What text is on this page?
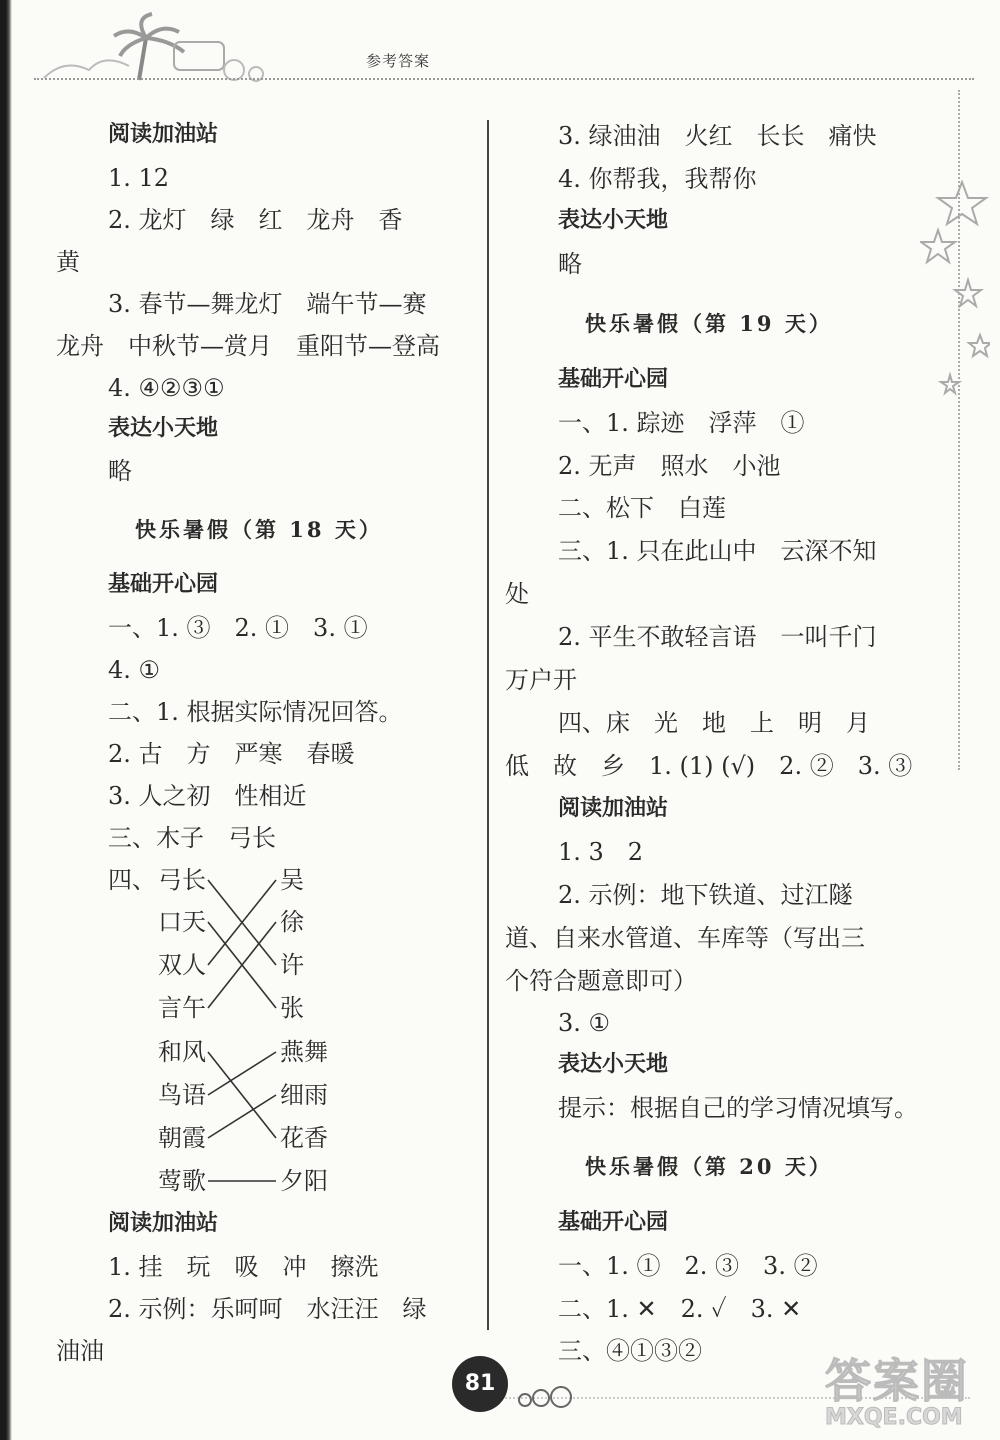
参考答案
阅读加油站
1. 12
2. 龙灯　绿　红　龙舟　香
黄
3. 春节—舞龙灯　端午节—赛
龙舟　中秋节—赏月　重阳节—登高
4. ④②③①
表达小天地
略
快乐暑假（第 18 天）
基础开心园
一、1. ③　2. ①　3. ①
4. ①
二、1. 根据实际情况回答。
2. 古　方　严寒　春暖
3. 人之初　性相近
三、木子　弓长
四、 弓长
口天
双人
言午
吴
徐
许
张
和风
鸟语
朝霞
莺歌
燕舞
细雨
花香
夕阳
阅读加油站
1. 挂　玩　吸　冲　擦洗
2. 示例：乐呵呵　水汪汪　绿
油油
3. 绿油油　火红　长长　痛快
4. 你帮我，我帮你
表达小天地
略
快乐暑假（第 19 天）
基础开心园
一、1. 踪迹　浮萍　①
2. 无声　照水　小池
二、松下　白莲
三、1. 只在此山中　云深不知
处
2. 平生不敢轻言语　一叫千门
万户开
四、床　光　地　上　明　月
低　故　乡　1. (1) (√)　2. ②　3. ③
阅读加油站
1. 3　2
2. 示例：地下铁道、过江隧
道、自来水管道、车库等（写出三
个符合题意即可）
3. ①
表达小天地
提示：根据自己的学习情况填写。
快乐暑假（第 20 天）
基础开心园
一、1. ①　2. ③　3. ②
二、1. ✕　2. ✓　3. ✕
三、④①③②
81	答案圈
MXQE.COM
